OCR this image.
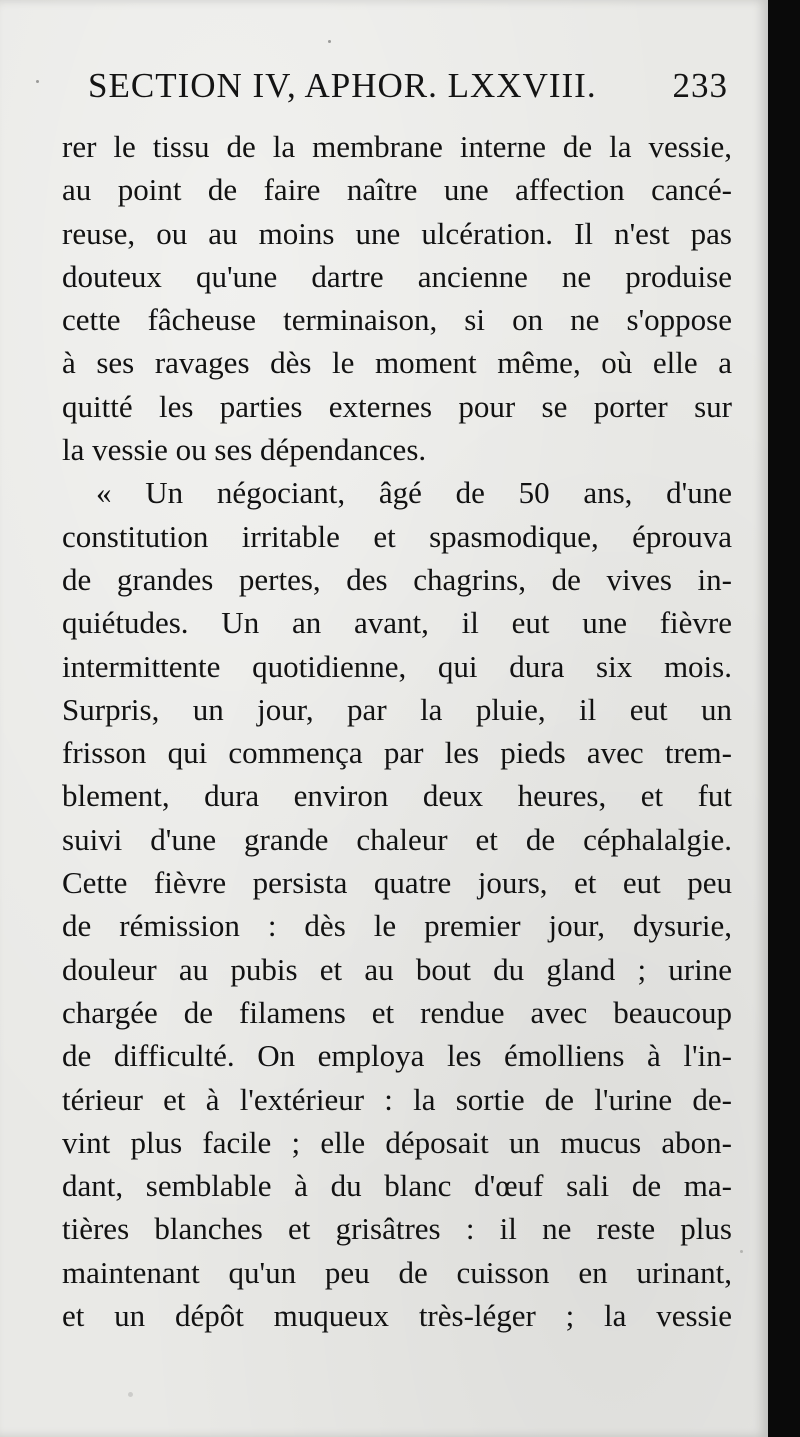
SECTION IV, APHOR. LXXVIII. 233
rer le tissu de la membrane interne de la vessie,
au point de faire naître une affection cancé-
reuse, ou au moins une ulcération. Il n'est pas
douteux qu'une dartre ancienne ne produise
cette fâcheuse terminaison, si on ne s'oppose
à ses ravages dès le moment même, où elle a
quitté les parties externes pour se porter sur
la vessie ou ses dépendances.
« Un négociant, âgé de 50 ans, d'une
constitution irritable et spasmodique, éprouva
de grandes pertes, des chagrins, de vives in-
quiétudes. Un an avant, il eut une fièvre
intermittente quotidienne, qui dura six mois.
Surpris, un jour, par la pluie, il eut un
frisson qui commença par les pieds avec trem-
blement, dura environ deux heures, et fut
suivi d'une grande chaleur et de céphalalgie.
Cette fièvre persista quatre jours, et eut peu
de rémission : dès le premier jour, dysurie,
douleur au pubis et au bout du gland ; urine
chargée de filamens et rendue avec beaucoup
de difficulté. On employa les émolliens à l'in-
térieur et à l'extérieur : la sortie de l'urine de-
vint plus facile ; elle déposait un mucus abon-
dant, semblable à du blanc d'œuf sali de ma-
tières blanches et grisâtres : il ne reste plus
maintenant qu'un peu de cuisson en urinant,
et un dépôt muqueux très-léger ; la vessie
